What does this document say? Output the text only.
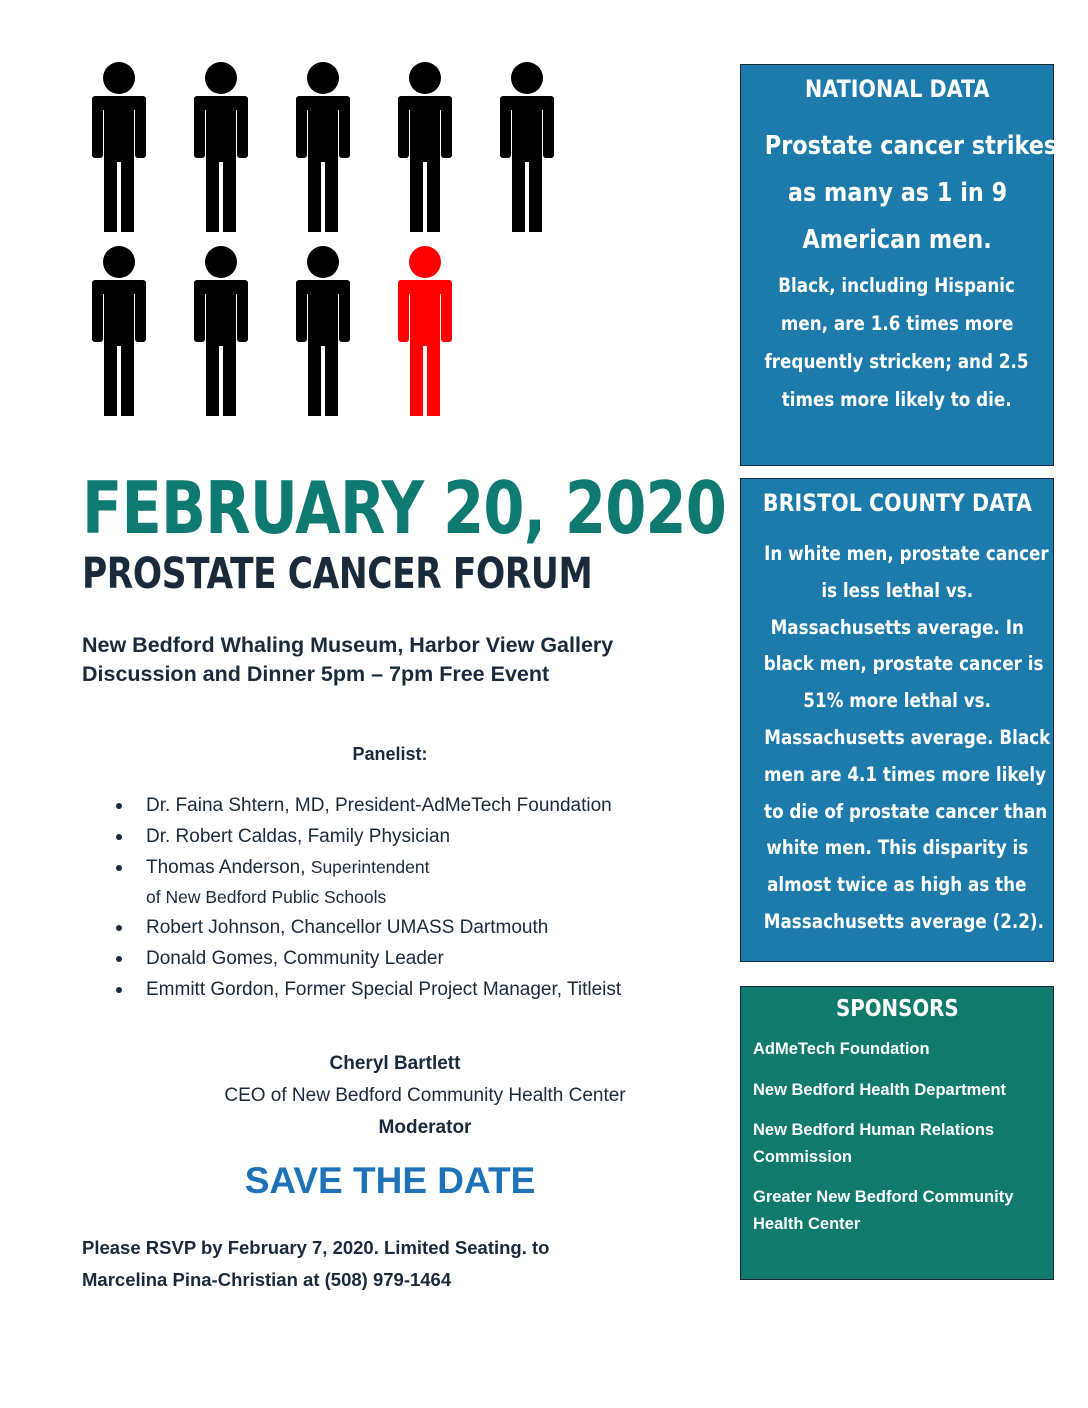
FEBRUARY 20, 2020
PROSTATE CANCER FORUM
New Bedford Whaling Museum, Harbor View Gallery
Discussion and Dinner 5pm – 7pm Free Event
Panelist:
Dr. Faina Shtern, MD, President-AdMeTech Foundation
Dr. Robert Caldas, Family Physician
Thomas Anderson, Superintendent
of New Bedford Public Schools
Robert Johnson, Chancellor UMASS Dartmouth
Donald Gomes, Community Leader
Emmitt Gordon, Former Special Project Manager, Titleist
Cheryl Bartlett
CEO of New Bedford Community Health Center
Moderator
SAVE THE DATE
Please RSVP by February 7, 2020. Limited Seating. to
Marcelina Pina-Christian at (508) 979-1464
NATIONAL DATA
Prostate cancer strikes
as many as 1 in 9
American men.
Black, including Hispanic
men, are 1.6 times more
frequently stricken; and 2.5
times more likely to die.
BRISTOL COUNTY DATA
In white men, prostate cancer
is less lethal vs.
Massachusetts average. In
black men, prostate cancer is
51% more lethal vs.
Massachusetts average. Black
men are 4.1 times more likely
to die of prostate cancer than
white men. This disparity is
almost twice as high as the
Massachusetts average (2.2).
SPONSORS
AdMeTech Foundation
New Bedford Health Department
New Bedford Human Relations Commission
Greater New Bedford Community Health Center
